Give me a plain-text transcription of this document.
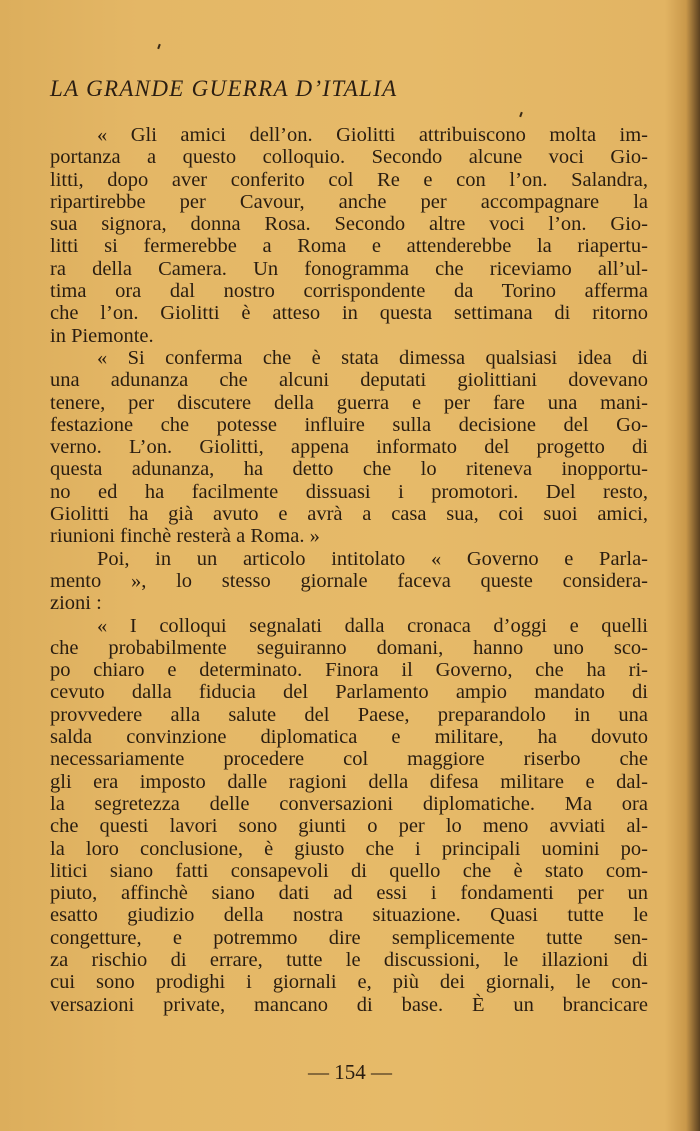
LA GRANDE GUERRA D’ITALIA
« Gli amici dell’on. Giolitti attribuiscono molta im-
portanza a questo colloquio. Secondo alcune voci Gio-
litti, dopo aver conferito col Re e con l’on. Salandra,
ripartirebbe per Cavour, anche per accompagnare la
sua signora, donna Rosa. Secondo altre voci l’on. Gio-
litti si fermerebbe a Roma e attenderebbe la riapertu-
ra della Camera. Un fonogramma che riceviamo all’ul-
tima ora dal nostro corrispondente da Torino afferma
che l’on. Giolitti è atteso in questa settimana di ritorno
in Piemonte.
« Si conferma che è stata dimessa qualsiasi idea di
una adunanza che alcuni deputati giolittiani dovevano
tenere, per discutere della guerra e per fare una mani-
festazione che potesse influire sulla decisione del Go-
verno. L’on. Giolitti, appena informato del progetto di
questa adunanza, ha detto che lo riteneva inopportu-
no ed ha facilmente dissuasi i promotori. Del resto,
Giolitti ha già avuto e avrà a casa sua, coi suoi amici,
riunioni finchè resterà a Roma. »
Poi, in un articolo intitolato « Governo e Parla-
mento », lo stesso giornale faceva queste considera-
zioni :
« I colloqui segnalati dalla cronaca d’oggi e quelli
che probabilmente seguiranno domani, hanno uno sco-
po chiaro e determinato. Finora il Governo, che ha ri-
cevuto dalla fiducia del Parlamento ampio mandato di
provvedere alla salute del Paese, preparandolo in una
salda convinzione diplomatica e militare, ha dovuto
necessariamente procedere col maggiore riserbo che
gli era imposto dalle ragioni della difesa militare e dal-
la segretezza delle conversazioni diplomatiche. Ma ora
che questi lavori sono giunti o per lo meno avviati al-
la loro conclusione, è giusto che i principali uomini po-
litici siano fatti consapevoli di quello che è stato com-
piuto, affinchè siano dati ad essi i fondamenti per un
esatto giudizio della nostra situazione. Quasi tutte le
congetture, e potremmo dire semplicemente tutte sen-
za rischio di errare, tutte le discussioni, le illazioni di
cui sono prodighi i giornali e, più dei giornali, le con-
versazioni private, mancano di base. È un brancicare
— 154 —
